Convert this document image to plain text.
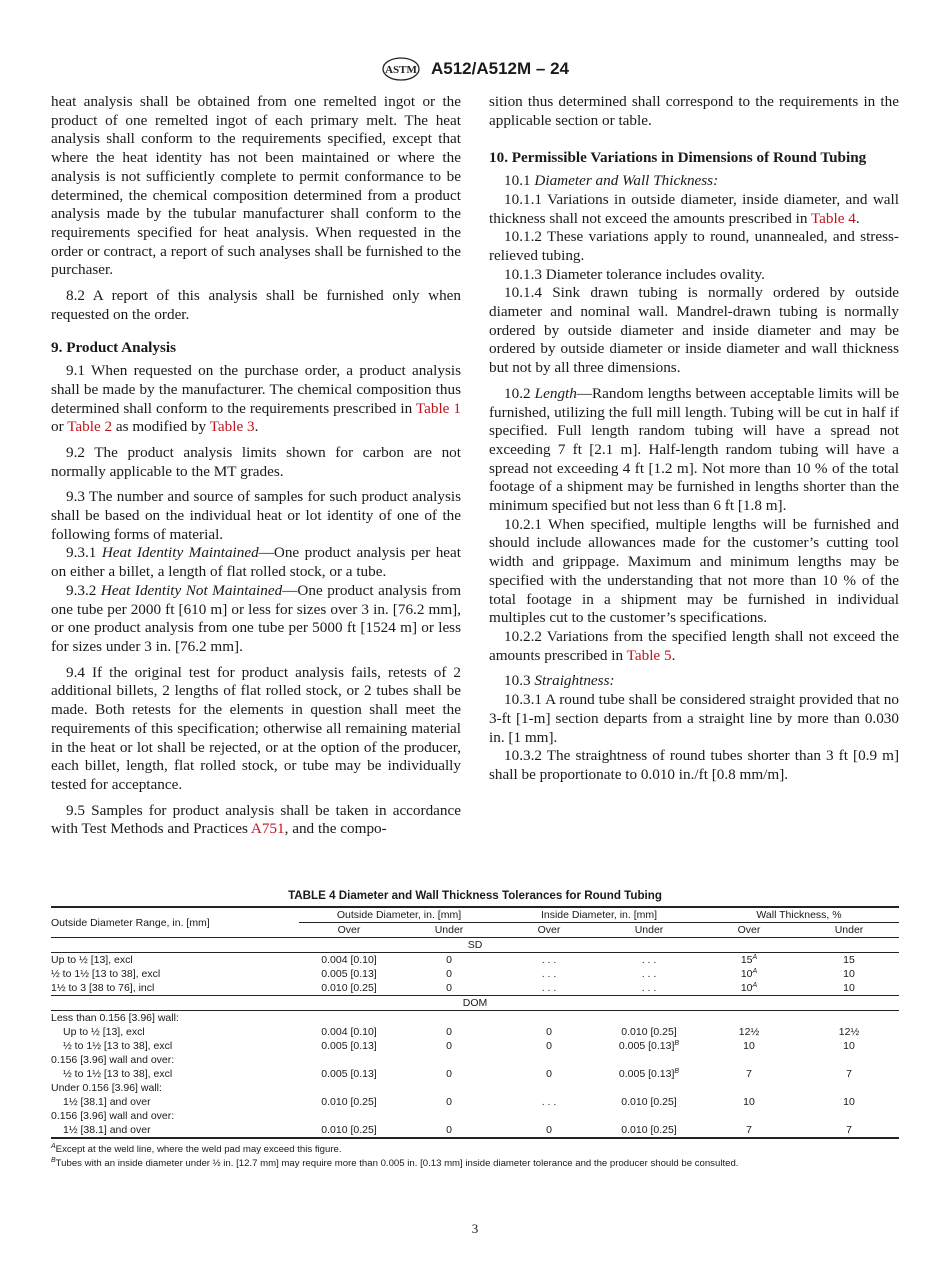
ASTM A512/A512M – 24

heat analysis shall be obtained from one remelted ingot or the product of one remelted ingot of each primary melt. The heat analysis shall conform to the requirements specified, except that where the heat identity has not been maintained or where the analysis is not sufficiently complete to permit conformance to be determined, the chemical composition determined from a product analysis made by the tubular manufacturer shall conform to the requirements specified for heat analysis. When requested in the order or contract, a report of such analyses shall be furnished to the purchaser.

8.2 A report of this analysis shall be furnished only when requested on the order.

9. Product Analysis

9.1 When requested on the purchase order, a product analysis shall be made by the manufacturer. The chemical composition thus determined shall conform to the requirements prescribed in Table 1 or Table 2 as modified by Table 3.

9.2 The product analysis limits shown for carbon are not normally applicable to the MT grades.

9.3 The number and source of samples for such product analysis shall be based on the individual heat or lot identity of one of the following forms of material.

9.3.1 Heat Identity Maintained—One product analysis per heat on either a billet, a length of flat rolled stock, or a tube.

9.3.2 Heat Identity Not Maintained—One product analysis from one tube per 2000 ft [610 m] or less for sizes over 3 in. [76.2 mm], or one product analysis from one tube per 5000 ft [1524 m] or less for sizes under 3 in. [76.2 mm].

9.4 If the original test for product analysis fails, retests of 2 additional billets, 2 lengths of flat rolled stock, or 2 tubes shall be made. Both retests for the elements in question shall meet the requirements of this specification; otherwise all remaining material in the heat or lot shall be rejected, or at the option of the producer, each billet, length, flat rolled stock, or tube may be individually tested for acceptance.

9.5 Samples for product analysis shall be taken in accordance with Test Methods and Practices A751, and the compo-

sition thus determined shall correspond to the requirements in the applicable section or table.

10. Permissible Variations in Dimensions of Round Tubing

10.1 Diameter and Wall Thickness:

10.1.1 Variations in outside diameter, inside diameter, and wall thickness shall not exceed the amounts prescribed in Table 4.

10.1.2 These variations apply to round, unannealed, and stress-relieved tubing.

10.1.3 Diameter tolerance includes ovality.

10.1.4 Sink drawn tubing is normally ordered by outside diameter and nominal wall. Mandrel-drawn tubing is normally ordered by outside diameter and inside diameter and may be ordered by outside diameter or inside diameter and wall thickness but not by all three dimensions.

10.2 Length—Random lengths between acceptable limits will be furnished, utilizing the full mill length. Tubing will be cut in half if specified. Full length random tubing will have a spread not exceeding 7 ft [2.1 m]. Half-length random tubing will have a spread not exceeding 4 ft [1.2 m]. Not more than 10 % of the total footage of a shipment may be furnished in lengths shorter than the minimum specified but not less than 6 ft [1.8 m].

10.2.1 When specified, multiple lengths will be furnished and should include allowances made for the customer’s cutting tool width and grippage. Maximum and minimum lengths may be specified with the understanding that not more than 10 % of the total footage in a shipment may be furnished in individual multiples cut to the customer’s specifications.

10.2.2 Variations from the specified length shall not exceed the amounts prescribed in Table 5.

10.3 Straightness:

10.3.1 A round tube shall be considered straight provided that no 3-ft [1-m] section departs from a straight line by more than 0.030 in. [1 mm].

10.3.2 The straightness of round tubes shorter than 3 ft [0.9 m] shall be proportionate to 0.010 in./ft [0.8 mm/m].

TABLE 4 Diameter and Wall Thickness Tolerances for Round Tubing
Outside Diameter Range, in. [mm]	Outside Diameter, in. [mm]		Inside Diameter, in. [mm]		Wall Thickness, %	
	Over	Under	Over	Under	Over	Under
SD						
Up to ½ [13], excl	0.004 [0.10]	0	. . .	. . .	$15^A$	15
½ to 1½ [13 to 38], excl	0.005 [0.13]	0	. . .	. . .	$10^A$	10
1½ to 3 [38 to 76], incl	0.010 [0.25]	0	. . .	. . .	$10^A$	10
DOM						
Less than 0.156 [3.96] wall:						
Up to ½ [13], excl	0.004 [0.10]	0	0	0.010 [0.25]	12½	12½
½ to 1½ [13 to 38], excl	0.005 [0.13]	0	0	0.005 $[0.13]^B$	10	10
0.156 [3.96] wall and over:						
½ to 1½ [13 to 38], excl	0.005 [0.13]	0	0	0.005 $[0.13]^B$	7	7
Under 0.156 [3.96] wall:						
1½ [38.1] and over	0.010 [0.25]	0	. . .	0.010 [0.25]	10	10
0.156 [3.96] wall and over:						
1½ [38.1] and over	0.010 [0.25]	0	0	0.010 [0.25]	7	7
$^A$Except at the weld line, where the weld pad may exceed this figure.
$^B$Tubes with an inside diameter under ½ in. [12.7 mm] may require more than 0.005 in. [0.13 mm] inside diameter tolerance and the producer should be consulted.
3
